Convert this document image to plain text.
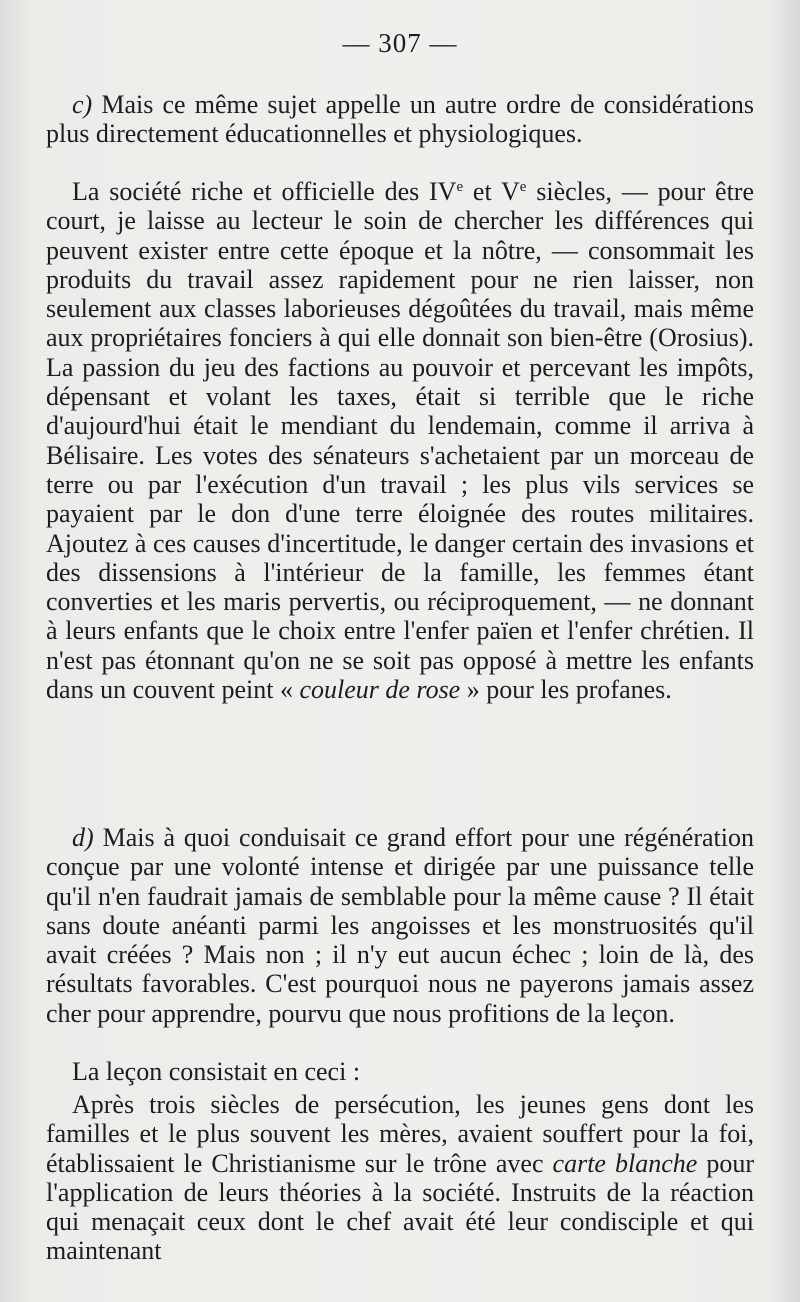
— 307 —

c) Mais ce même sujet appelle un autre ordre de considérations plus directement éducationnelles et physiologiques.

La société riche et officielle des IVe et Ve siècles, — pour être court, je laisse au lecteur le soin de chercher les différences qui peuvent exister entre cette époque et la nôtre, — consommait les produits du travail assez rapidement pour ne rien laisser, non seulement aux classes laborieuses dégoûtées du travail, mais même aux propriétaires fonciers à qui elle donnait son bien-être (Orosius). La passion du jeu des factions au pouvoir et percevant les impôts, dépensant et volant les taxes, était si terrible que le riche d'aujourd'hui était le mendiant du lendemain, comme il arriva à Bélisaire. Les votes des sénateurs s'achetaient par un morceau de terre ou par l'exécution d'un travail ; les plus vils services se payaient par le don d'une terre éloignée des routes militaires. Ajoutez à ces causes d'incertitude, le danger certain des invasions et des dissensions à l'intérieur de la famille, les femmes étant converties et les maris pervertis, ou réciproquement, — ne donnant à leurs enfants que le choix entre l'enfer païen et l'enfer chrétien. Il n'est pas étonnant qu'on ne se soit pas opposé à mettre les enfants dans un couvent peint « couleur de rose » pour les profanes.

d) Mais à quoi conduisait ce grand effort pour une régénération conçue par une volonté intense et dirigée par une puissance telle qu'il n'en faudrait jamais de semblable pour la même cause ? Il était sans doute anéanti parmi les angoisses et les monstruosités qu'il avait créées ? Mais non ; il n'y eut aucun échec ; loin de là, des résultats favorables. C'est pourquoi nous ne payerons jamais assez cher pour apprendre, pourvu que nous profitions de la leçon.

La leçon consistait en ceci :

Après trois siècles de persécution, les jeunes gens dont les familles et le plus souvent les mères, avaient souffert pour la foi, établissaient le Christianisme sur le trône avec carte blanche pour l'application de leurs théories à la société. Instruits de la réaction qui menaçait ceux dont le chef avait été leur condisciple et qui maintenant
